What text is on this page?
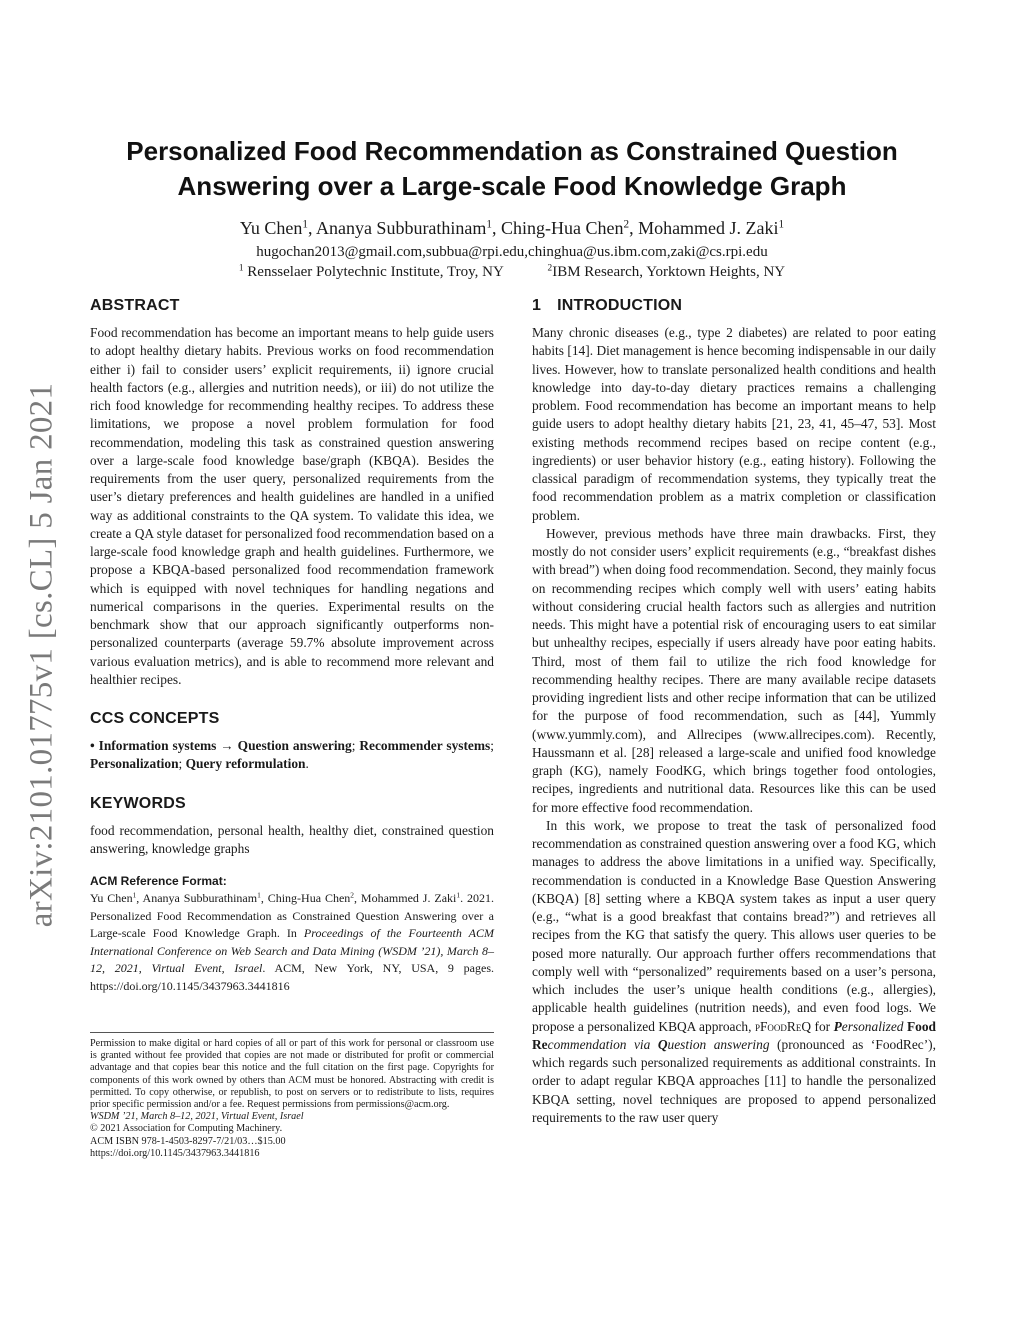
arXiv:2101.01775v1 [cs.CL] 5 Jan 2021
Personalized Food Recommendation as Constrained Question
Answering over a Large-scale Food Knowledge Graph
Yu Chen$^1$, Ananya Subburathinam$^1$, Ching-Hua Chen$^2$, Mohammed J. Zaki$^1$
hugochan2013@gmail.com,subbua@rpi.edu,chinghua@us.ibm.com,zaki@cs.rpi.edu
$^1$ Rensselaer Polytechnic Institute, Troy, NY	$^2$IBM Research, Yorktown Heights, NY
ABSTRACT

Food recommendation has become an important means to help guide users to adopt healthy dietary habits. Previous works on food recommendation either i) fail to consider users’ explicit requirements, ii) ignore crucial health factors (e.g., allergies and nutrition needs), or iii) do not utilize the rich food knowledge for recommending healthy recipes. To address these limitations, we propose a novel problem formulation for food recommendation, modeling this task as constrained question answering over a large-scale food knowledge base/graph (KBQA). Besides the requirements from the user query, personalized requirements from the user’s dietary preferences and health guidelines are handled in a unified way as additional constraints to the QA system. To validate this idea, we create a QA style dataset for personalized food recommendation based on a large-scale food knowledge graph and health guidelines. Furthermore, we propose a KBQA-based personalized food recommendation framework which is equipped with novel techniques for handling negations and numerical comparisons in the queries. Experimental results on the benchmark show that our approach significantly outperforms non-personalized counterparts (average 59.7% absolute improvement across various evaluation metrics), and is able to recommend more relevant and healthier recipes.

CCS CONCEPTS

• Information systems → Question answering; Recommender systems; Personalization; Query reformulation.

KEYWORDS

food recommendation, personal health, healthy diet, constrained question answering, knowledge graphs

ACM Reference Format:

Yu Chen$^1$, Ananya Subburathinam$^1$, Ching-Hua Chen$^2$, Mohammed J. Zaki$^1$. 2021. Personalized Food Recommendation as Constrained Question Answering over a Large-scale Food Knowledge Graph. In Proceedings of the Fourteenth ACM International Conference on Web Search and Data Mining (WSDM ’21), March 8–12, 2021, Virtual Event, Israel. ACM, New York, NY, USA, 9 pages. https://doi.org/10.1145/3437963.3441816

Permission to make digital or hard copies of all or part of this work for personal or classroom use is granted without fee provided that copies are not made or distributed for profit or commercial advantage and that copies bear this notice and the full citation on the first page. Copyrights for components of this work owned by others than ACM must be honored. Abstracting with credit is permitted. To copy otherwise, or republish, to post on servers or to redistribute to lists, requires prior specific permission and/or a fee. Request permissions from permissions@acm.org.

WSDM ’21, March 8–12, 2021, Virtual Event, Israel

© 2021 Association for Computing Machinery.

ACM ISBN 978-1-4503-8297-7/21/03…$15.00

https://doi.org/10.1145/3437963.3441816

1 INTRODUCTION

Many chronic diseases (e.g., type 2 diabetes) are related to poor eating habits [14]. Diet management is hence becoming indispensable in our daily lives. However, how to translate personalized health conditions and health knowledge into day-to-day dietary practices remains a challenging problem. Food recommendation has become an important means to help guide users to adopt healthy dietary habits [21, 23, 41, 45–47, 53]. Most existing methods recommend recipes based on recipe content (e.g., ingredients) or user behavior history (e.g., eating history). Following the classical paradigm of recommendation systems, they typically treat the food recommendation problem as a matrix completion or classification problem.

However, previous methods have three main drawbacks. First, they mostly do not consider users’ explicit requirements (e.g., “breakfast dishes with bread”) when doing food recommendation. Second, they mainly focus on recommending recipes which comply well with users’ eating habits without considering crucial health factors such as allergies and nutrition needs. This might have a potential risk of encouraging users to eat similar but unhealthy recipes, especially if users already have poor eating habits. Third, most of them fail to utilize the rich food knowledge for recommending healthy recipes. There are many available recipe datasets providing ingredient lists and other recipe information that can be utilized for the purpose of food recommendation, such as [44], Yummly (www.yummly.com), and Allrecipes (www.allrecipes.com). Recently, Haussmann et al. [28] released a large-scale and unified food knowledge graph (KG), namely FoodKG, which brings together food ontologies, recipes, ingredients and nutritional data. Resources like this can be used for more effective food recommendation.

In this work, we propose to treat the task of personalized food recommendation as constrained question answering over a food KG, which manages to address the above limitations in a unified way. Specifically, recommendation is conducted in a Knowledge Base Question Answering (KBQA) [8] setting where a KBQA system takes as input a user query (e.g., “what is a good breakfast that contains bread?”) and retrieves all recipes from the KG that satisfy the query. This allows user queries to be posed more naturally. Our approach further offers recommendations that comply well with “personalized” requirements based on a user’s persona, which includes the user’s unique health conditions (e.g., allergies), applicable health guidelines (nutrition needs), and even food logs. We propose a personalized KBQA approach, pFoodReQ for Personalized Food Recommendation via Question answering (pronounced as ‘FoodRec’), which regards such personalized requirements as additional constraints. In order to adapt regular KBQA approaches [11] to handle the personalized KBQA setting, novel techniques are proposed to append personalized requirements to the raw user query
